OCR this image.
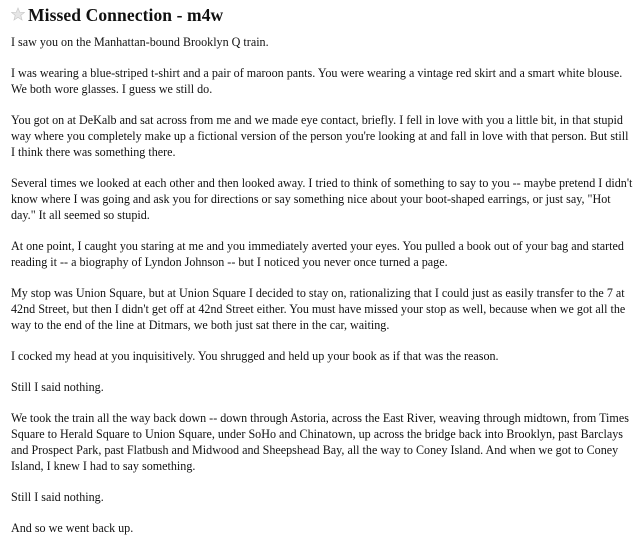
Missed Connection - m4w

I saw you on the Manhattan-bound Brooklyn Q train.

I was wearing a blue-striped t-shirt and a pair of maroon pants. You were wearing a vintage red skirt and a smart white blouse. We both wore glasses. I guess we still do.

You got on at DeKalb and sat across from me and we made eye contact, briefly. I fell in love with you a little bit, in that stupid way where you completely make up a fictional version of the person you're looking at and fall in love with that person. But still I think there was something there.

Several times we looked at each other and then looked away. I tried to think of something to say to you -- maybe pretend I didn't know where I was going and ask you for directions or say something nice about your boot-shaped earrings, or just say, "Hot day." It all seemed so stupid.

At one point, I caught you staring at me and you immediately averted your eyes. You pulled a book out of your bag and started reading it -- a biography of Lyndon Johnson -- but I noticed you never once turned a page.

My stop was Union Square, but at Union Square I decided to stay on, rationalizing that I could just as easily transfer to the 7 at 42nd Street, but then I didn't get off at 42nd Street either. You must have missed your stop as well, because when we got all the way to the end of the line at Ditmars, we both just sat there in the car, waiting.

I cocked my head at you inquisitively. You shrugged and held up your book as if that was the reason.

Still I said nothing.

We took the train all the way back down -- down through Astoria, across the East River, weaving through midtown, from Times Square to Herald Square to Union Square, under SoHo and Chinatown, up across the bridge back into Brooklyn, past Barclays and Prospect Park, past Flatbush and Midwood and Sheepshead Bay, all the way to Coney Island. And when we got to Coney Island, I knew I had to say something.

Still I said nothing.

And so we went back up.
